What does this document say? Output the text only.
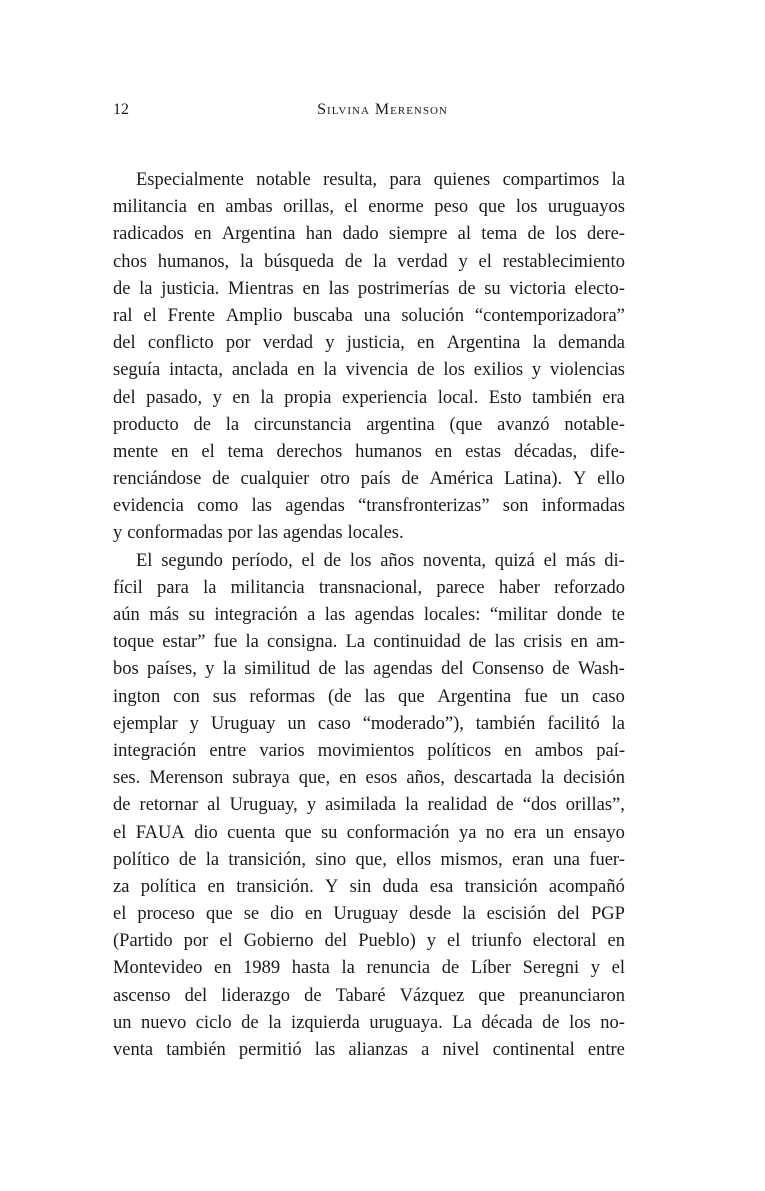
12	Silvina Merenson
Especialmente notable resulta, para quienes compartimos la
militancia en ambas orillas, el enorme peso que los uruguayos
radicados en Argentina han dado siempre al tema de los dere-
chos humanos, la búsqueda de la verdad y el restablecimiento
de la justicia. Mientras en las postrimerías de su victoria electo-
ral el Frente Amplio buscaba una solución “contemporizadora”
del conflicto por verdad y justicia, en Argentina la demanda
seguía intacta, anclada en la vivencia de los exilios y violencias
del pasado, y en la propia experiencia local. Esto también era
producto de la circunstancia argentina (que avanzó notable-
mente en el tema derechos humanos en estas décadas, dife-
renciándose de cualquier otro país de América Latina). Y ello
evidencia como las agendas “transfronterizas” son informadas
y conformadas por las agendas locales.
El segundo período, el de los años noventa, quizá el más di-
fícil para la militancia transnacional, parece haber reforzado
aún más su integración a las agendas locales: “militar donde te
toque estar” fue la consigna. La continuidad de las crisis en am-
bos países, y la similitud de las agendas del Consenso de Wash-
ington con sus reformas (de las que Argentina fue un caso
ejemplar y Uruguay un caso “moderado”), también facilitó la
integración entre varios movimientos políticos en ambos paí-
ses. Merenson subraya que, en esos años, descartada la decisión
de retornar al Uruguay, y asimilada la realidad de “dos orillas”,
el FAUA dio cuenta que su conformación ya no era un ensayo
político de la transición, sino que, ellos mismos, eran una fuer-
za política en transición. Y sin duda esa transición acompañó
el proceso que se dio en Uruguay desde la escisión del PGP
(Partido por el Gobierno del Pueblo) y el triunfo electoral en
Montevideo en 1989 hasta la renuncia de Líber Seregni y el
ascenso del liderazgo de Tabaré Vázquez que preanunciaron
un nuevo ciclo de la izquierda uruguaya. La década de los no-
venta también permitió las alianzas a nivel continental entre
